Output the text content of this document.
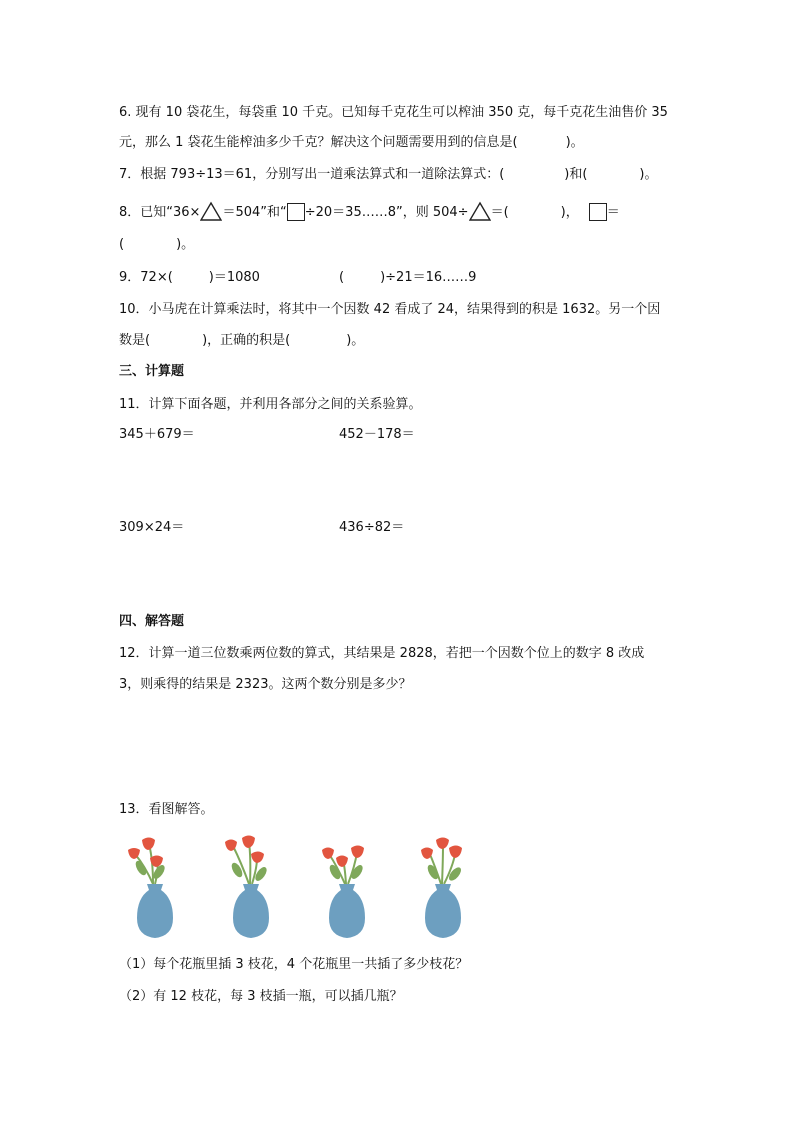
6. 现有 10 袋花生，每袋重 10 千克。已知每千克花生可以榨油 350 克，每千克花生油售价 35
元，那么 1 袋花生能榨油多少千克？解决这个问题需要用到的信息是(	)。
7．根据 793÷13＝61，分别写出一道乘法算式和一道除法算式：(	)和(	)。
8．已知“36× ＝504”和“ ÷20＝35……8”，则 504÷ ＝(	)， ＝
(	)。
9．72×(	)＝1080	(	)÷21＝16……9
10．小马虎在计算乘法时，将其中一个因数 42 看成了 24，结果得到的积是 1632。另一个因
数是(	)，正确的积是(	)。
三、计算题
11．计算下面各题，并利用各部分之间的关系验算。
345＋679＝	452－178＝
309×24＝	436÷82＝
四、解答题
12．计算一道三位数乘两位数的算式，其结果是 2828，若把一个因数个位上的数字 8 改成
3，则乘得的结果是 2323。这两个数分别是多少？
13．看图解答。
（1）每个花瓶里插 3 枝花，4 个花瓶里一共插了多少枝花？
（2）有 12 枝花，每 3 枝插一瓶，可以插几瓶？
